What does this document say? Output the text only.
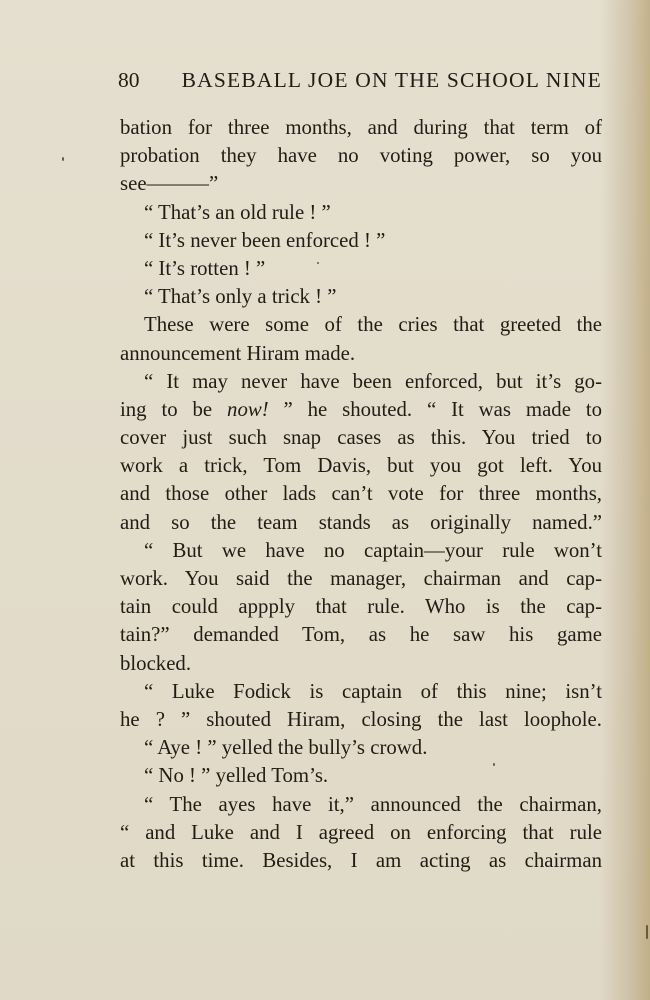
80 BASEBALL JOE ON THE SCHOOL NINE
bation for three months, and during that term of
probation they have no voting power, so you
see———”
“ That’s an old rule ! ”
“ It’s never been enforced ! ”
“ It’s rotten ! ”
“ That’s only a trick ! ”
These were some of the cries that greeted the
announcement Hiram made.
“ It may never have been enforced, but it’s go-
ing to be now! ” he shouted. “ It was made to
cover just such snap cases as this. You tried to
work a trick, Tom Davis, but you got left. You
and those other lads can’t vote for three months,
and so the team stands as originally named.”
“ But we have no captain—your rule won’t
work. You said the manager, chairman and cap-
tain could appply that rule. Who is the cap-
tain?” demanded Tom, as he saw his game
blocked.
“ Luke Fodick is captain of this nine; isn’t
he ? ” shouted Hiram, closing the last loophole.
“ Aye ! ” yelled the bully’s crowd.
“ No ! ” yelled Tom’s.
“ The ayes have it,” announced the chairman,
“ and Luke and I agreed on enforcing that rule
at this time. Besides, I am acting as chairman
